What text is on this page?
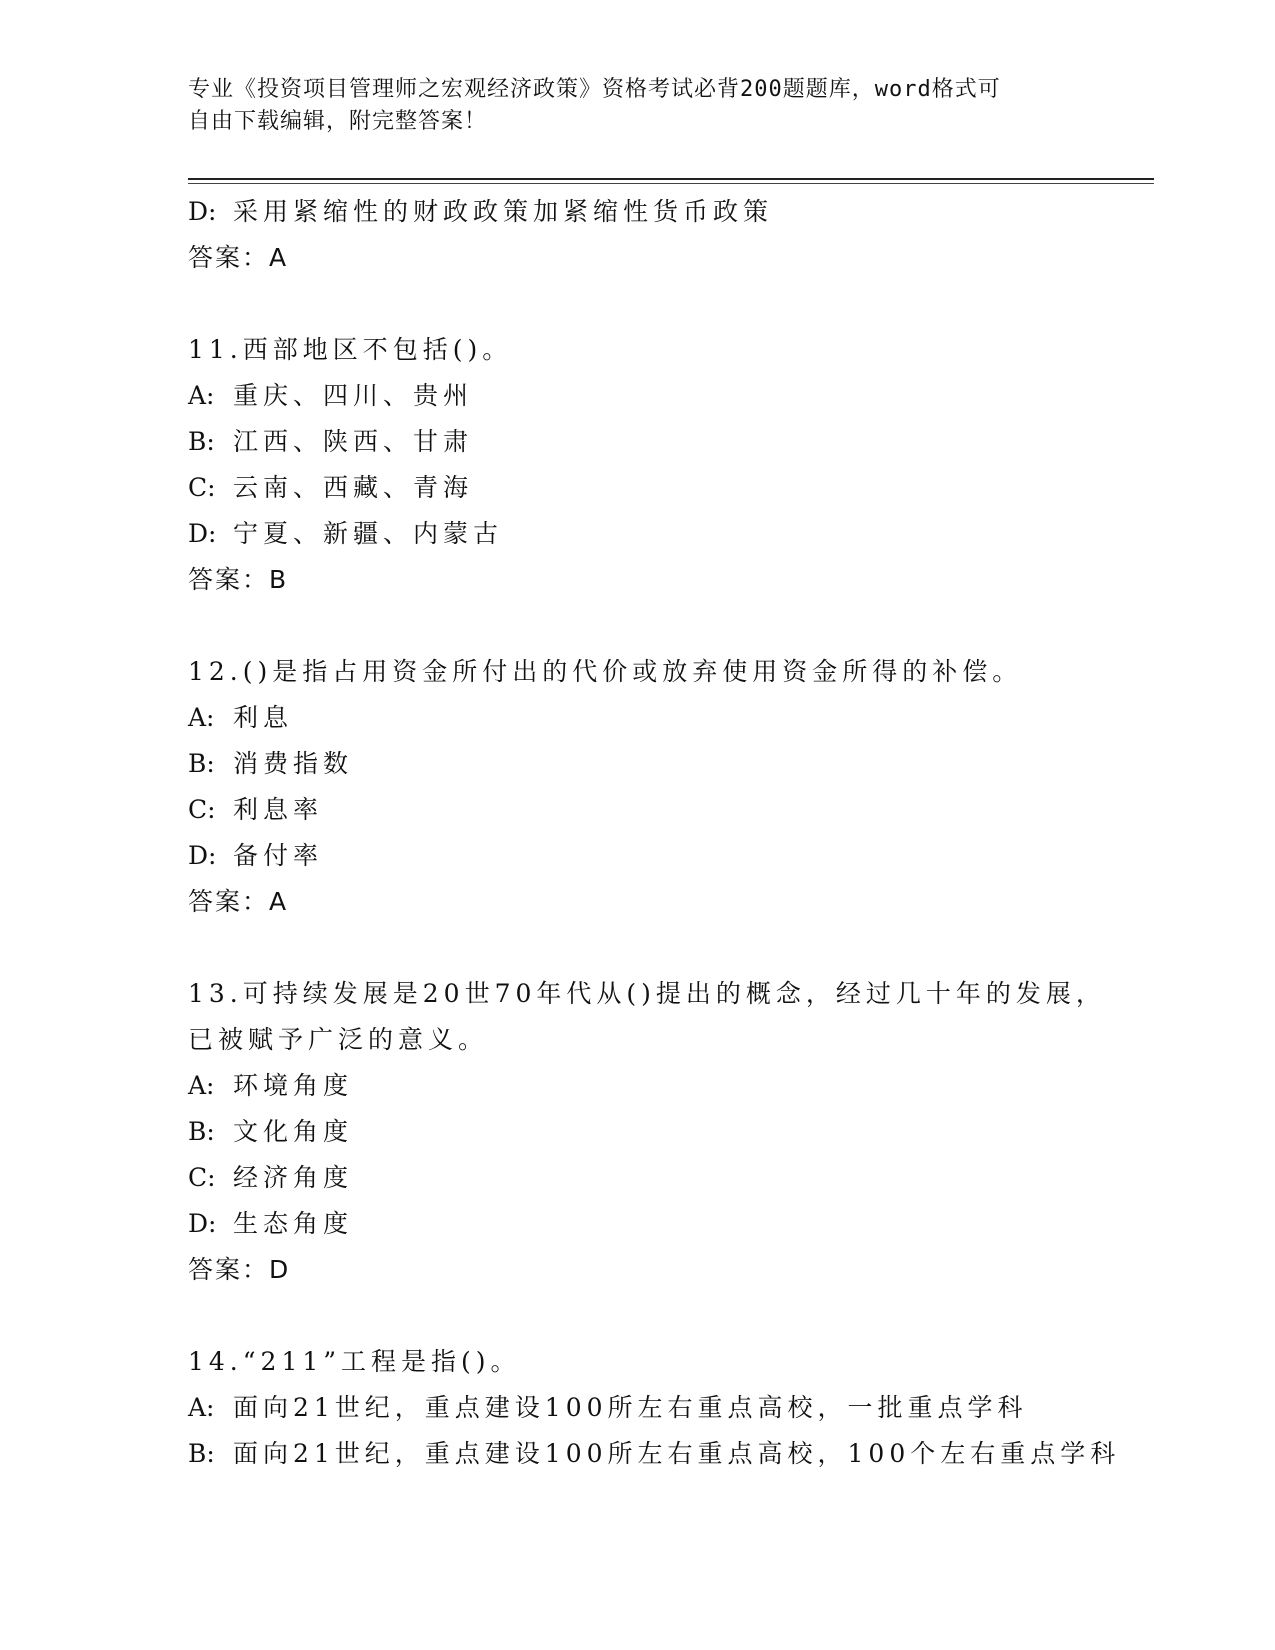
专业《投资项目管理师之宏观经济政策》资格考试必背200题题库，word格式可
自由下载编辑，附完整答案！
D: 采用紧缩性的财政政策加紧缩性货币政策
答案：A
11.西部地区不包括()。
A: 重庆、四川、贵州
B: 江西、陕西、甘肃
C: 云南、西藏、青海
D: 宁夏、新疆、内蒙古
答案：B
12.()是指占用资金所付出的代价或放弃使用资金所得的补偿。
A: 利息
B: 消费指数
C: 利息率
D: 备付率
答案：A
13.可持续发展是20世70年代从()提出的概念，经过几十年的发展，
已被赋予广泛的意义。
A: 环境角度
B: 文化角度
C: 经济角度
D: 生态角度
答案：D
14.“211”工程是指()。
A: 面向21世纪，重点建设100所左右重点高校，一批重点学科
B: 面向21世纪，重点建设100所左右重点高校，100个左右重点学科
